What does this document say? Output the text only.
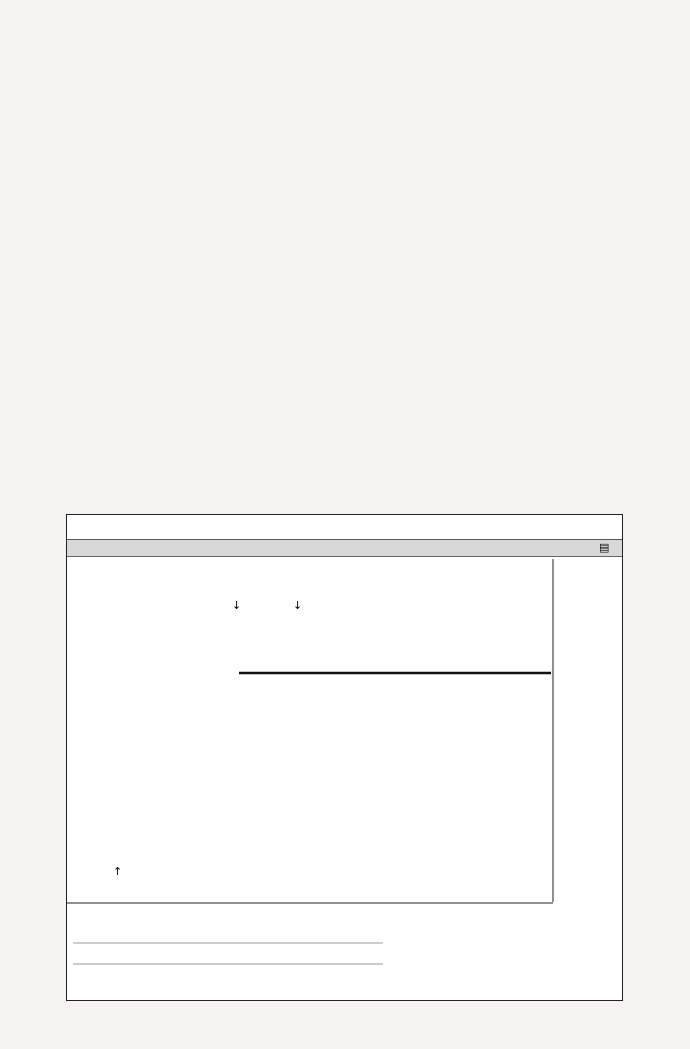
▤
↓	↓
↑
